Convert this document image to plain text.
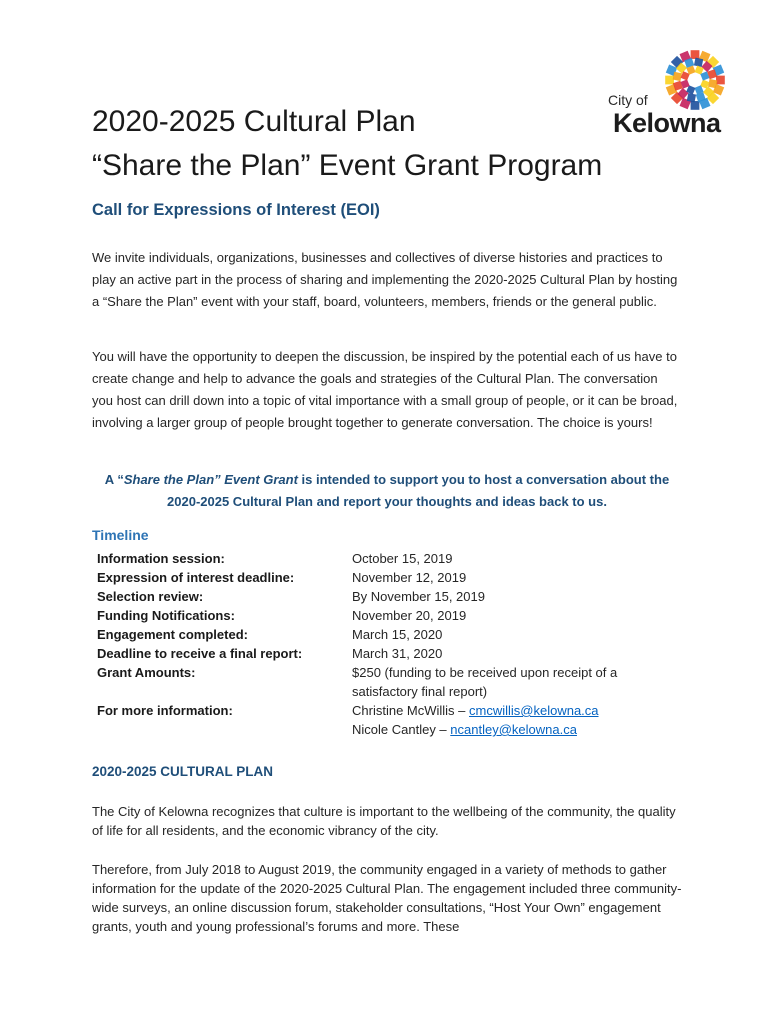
City of
Kelowna
2020-2025 Cultural Plan
“Share the Plan” Event Grant Program
Call for Expressions of Interest (EOI)

We invite individuals, organizations, businesses and collectives of diverse histories and practices to play an active part in the process of sharing and implementing the 2020-2025 Cultural Plan by hosting a “Share the Plan” event with your staff, board, volunteers, members, friends or the general public.

You will have the opportunity to deepen the discussion, be inspired by the potential each of us have to create change and help to advance the goals and strategies of the Cultural Plan. The conversation you host can drill down into a topic of vital importance with a small group of people, or it can be broad, involving a larger group of people brought together to generate conversation. The choice is yours!

A “Share the Plan” Event Grant is intended to support you to host a conversation about the 2020-2025 Cultural Plan and report your thoughts and ideas back to us.

Timeline
Information session:	October 15, 2019
Expression of interest deadline:	November 12, 2019
Selection review:	By November 15, 2019
Funding Notifications:	November 20, 2019
Engagement completed:	March 15, 2020
Deadline to receive a final report:	March 31, 2020
Grant Amounts:	$250 (funding to be received upon receipt of a satisfactory final report)
For more information:	Christine McWillis – cmcwillis@kelowna.ca
Nicole Cantley – ncantley@kelowna.ca
2020-2025 CULTURAL PLAN

The City of Kelowna recognizes that culture is important to the wellbeing of the community, the quality of life for all residents, and the economic vibrancy of the city.

Therefore, from July 2018 to August 2019, the community engaged in a variety of methods to gather information for the update of the 2020-2025 Cultural Plan. The engagement included three community-wide surveys, an online discussion forum, stakeholder consultations, “Host Your Own” engagement grants, youth and young professional’s forums and more. These
